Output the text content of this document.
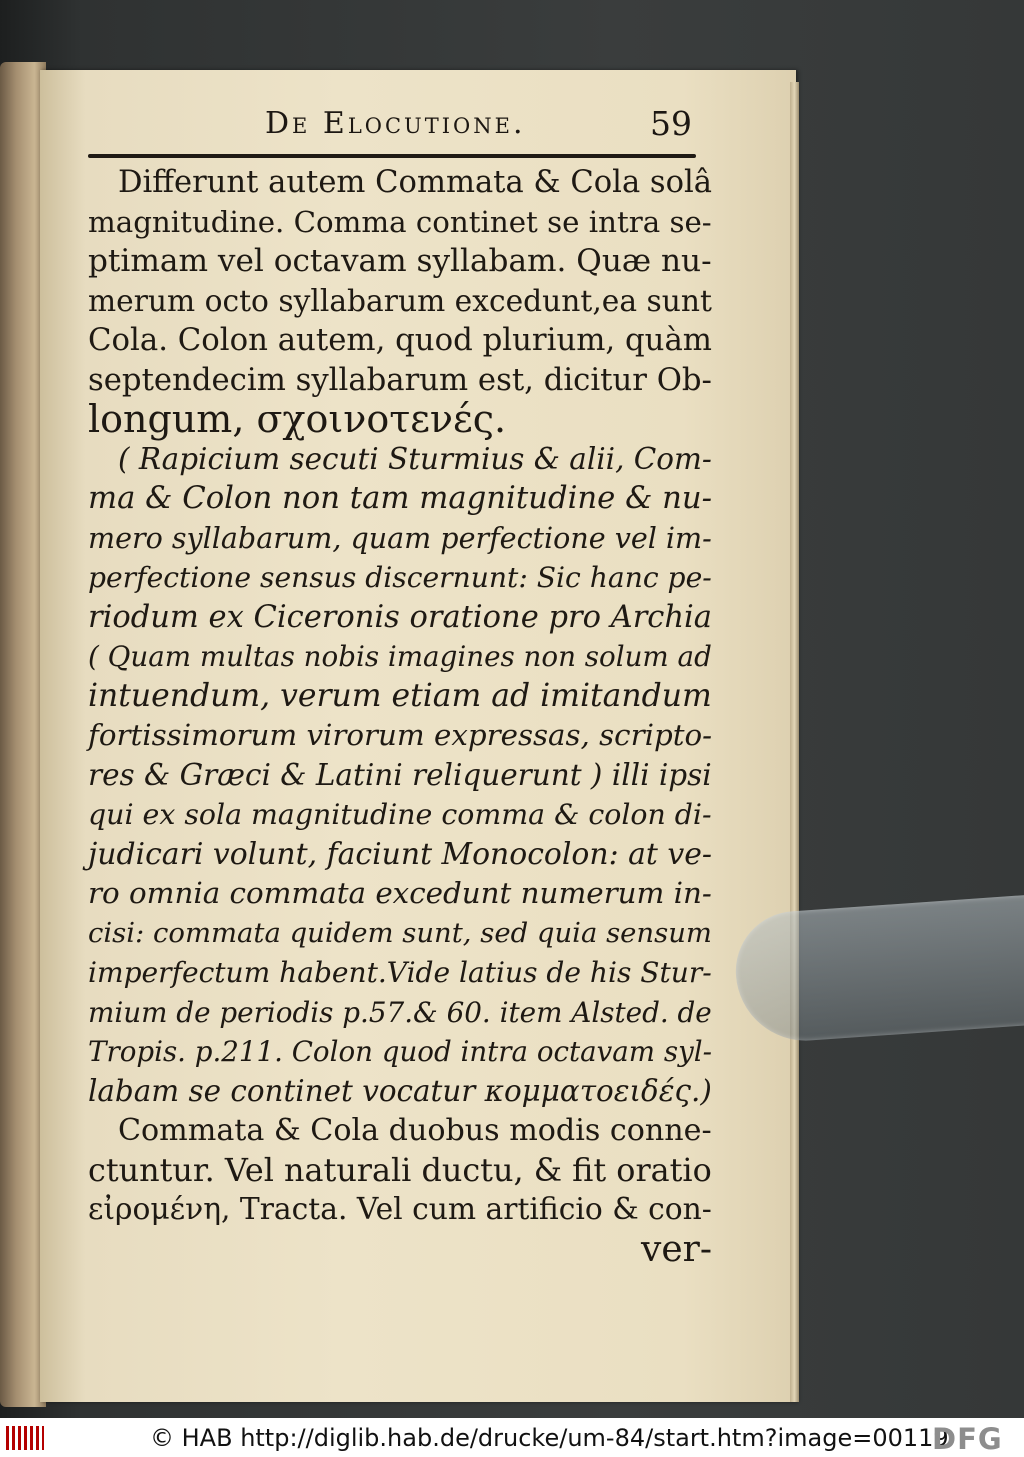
De Elocutione.	59
Differunt autem Commata & Cola solâ
magnitudine. Comma continet se intra se-
ptimam vel octavam syllabam. Quæ nu-
merum octo syllabarum excedunt,ea sunt
Cola. Colon autem, quod plurium, quàm
septendecim syllabarum est, dicitur Ob-
longum, σχοινοτενές.
( Rapicium secuti Sturmius & alii, Com-
ma & Colon non tam magnitudine & nu-
mero syllabarum, quam perfectione vel im-
perfectione sensus discernunt: Sic hanc pe-
riodum ex Ciceronis oratione pro Archia
( Quam multas nobis imagines non solum ad
intuendum, verum etiam ad imitandum
fortissimorum virorum expressas, scripto-
res & Græci & Latini reliquerunt ) illi ipsi
qui ex sola magnitudine comma & colon di-
judicari volunt, faciunt Monocolon: at ve-
ro omnia commata excedunt numerum in-
cisi: commata quidem sunt, sed quia sensum
imperfectum habent.Vide latius de his Stur-
mium de periodis p.57.& 60. item Alsted. de
Tropis. p.211. Colon quod intra octavam syl-
labam se continet vocatur κομματοειδές.)
Commata & Cola duobus modis conne-
ctuntur. Vel naturali ductu, & fit oratio
εἰρομένη, Tracta. Vel cum artificio & con-
ver-
© HAB http://diglib.hab.de/drucke/um-84/start.htm?image=00119
DFG
